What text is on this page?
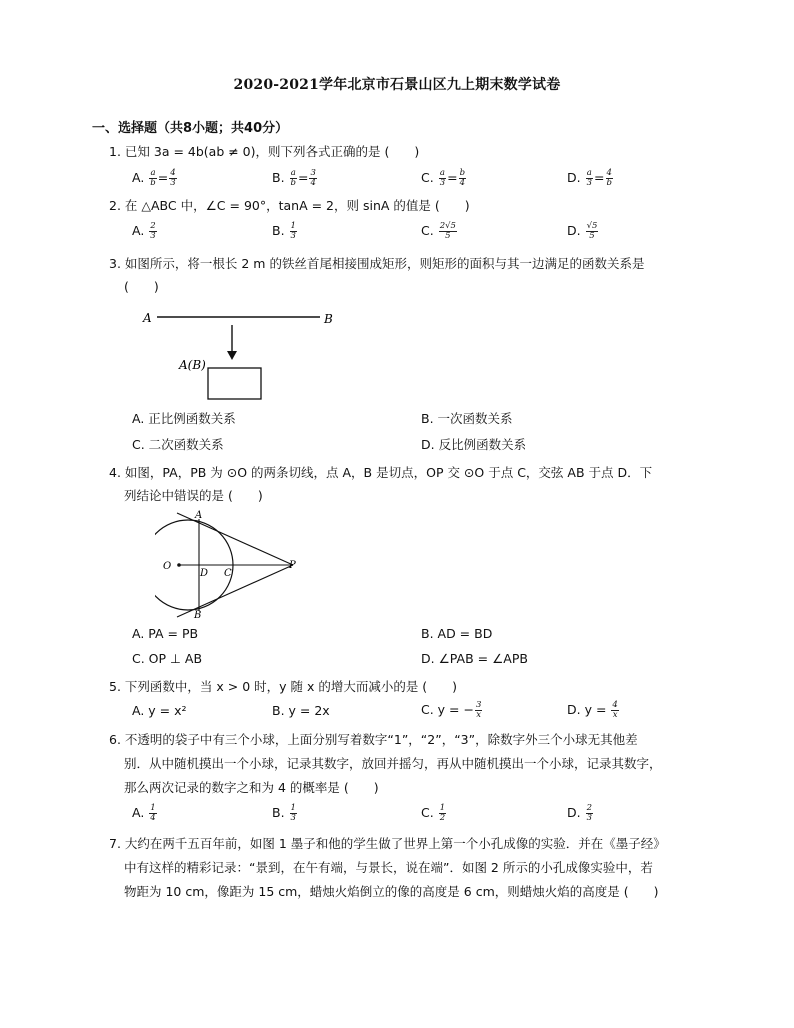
2020-2021学年北京市石景山区九上期末数学试卷
一、选择题（共8小题；共40分）
1. 已知 3a = 4b(ab ≠ 0)，则下列各式正确的是 (　　)
A. $\frac{a}{b} = \frac{4}{3}$	B. $\frac{a}{b} = \frac{3}{4}$	C. $\frac{a}{3} = \frac{b}{4}$	D. $\frac{a}{3} = \frac{4}{b}$
2. 在 △ABC 中，∠C = 90°，tanA = 2，则 sinA 的值是 (　　)
A. $\frac{2}{3}$	B. $\frac{1}{3}$	C. $\frac{2√5}{5}$	D. $\frac{√5}{5}$
3. 如图所示，将一根长 2 m 的铁丝首尾相接围成矩形，则矩形的面积与其一边满足的函数关系是
(　　)
A	B
A(B)
A. 正比例函数关系	B. 一次函数关系
C. 二次函数关系	D. 反比例函数关系
4. 如图，PA，PB 为 ⊙O 的两条切线，点 A，B 是切点，OP 交 ⊙O 于点 C，交弦 AB 于点 D．下
列结论中错误的是 (　　)
A
B
O
D C
P
A. PA = PB	B. AD = BD
C. OP ⊥ AB	D. ∠PAB = ∠APB
5. 下列函数中，当 x > 0 时，y 随 x 的增大而减小的是 (　　)
A. y = x²	B. y = 2x	C. y = − $\frac{3}{x}$	D. $y = \frac{4}{x}$
6. 不透明的袋子中有三个小球，上面分别写着数字“1”，“2”，“3”，除数字外三个小球无其他差
别．从中随机摸出一个小球，记录其数字，放回并摇匀，再从中随机摸出一个小球，记录其数字，
那么两次记录的数字之和为 4 的概率是 (　　)
A. $\frac{1}{4}$	B. $\frac{1}{3}$	C. $\frac{1}{2}$	D. $\frac{2}{3}$
7. 大约在两千五百年前，如图 1 墨子和他的学生做了世界上第一个小孔成像的实验．并在《墨子经》
中有这样的精彩记录：“景到，在午有端，与景长，说在端”．如图 2 所示的小孔成像实验中，若
物距为 10 cm，像距为 15 cm，蜡烛火焰倒立的像的高度是 6 cm，则蜡烛火焰的高度是 (　　)
